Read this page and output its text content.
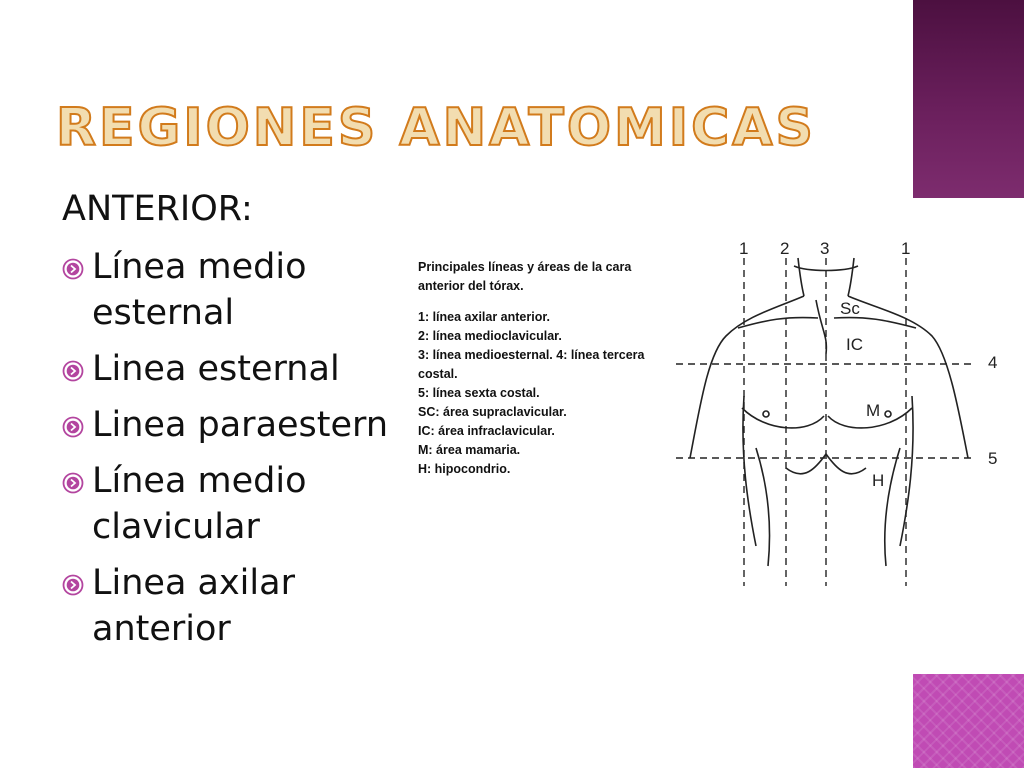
REGIONES ANATOMICAS
ANTERIOR:
Línea medio
esternal
Linea esternal
Linea paraestern
Línea medio
clavicular
Linea axilar
anterior
Principales líneas y áreas de la cara
anterior del tórax.
1: línea axilar anterior.
2: línea medioclavicular.
3: línea medioesternal. 4: línea tercera
costal.
5: línea sexta costal.
SC: área supraclavicular.
IC: área infraclavicular.
M: área mamaria.
H: hipocondrio.
1 2 3	1
4
5
Sc
IC
M
H
